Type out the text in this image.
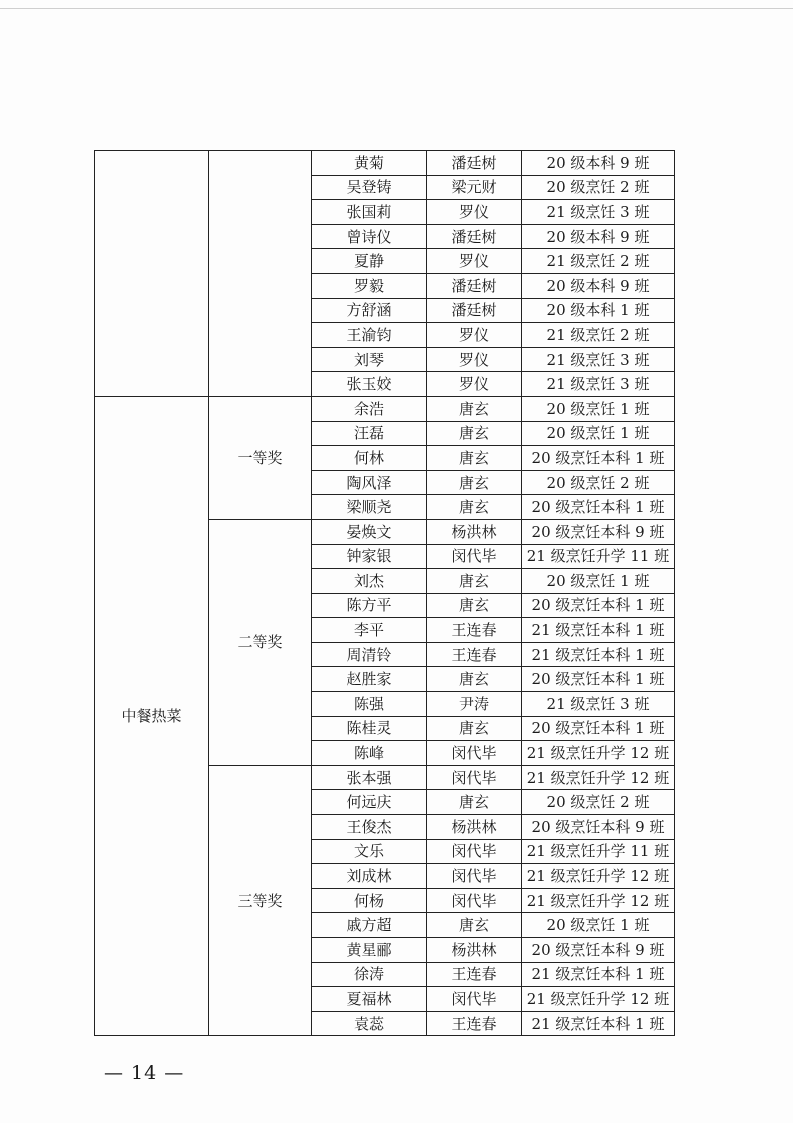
		黄菊	潘廷树	20 级本科 9 班
		吴登铸	梁元财	20 级烹饪 2 班
		张国莉	罗仪	21 级烹饪 3 班
		曾诗仪	潘廷树	20 级本科 9 班
		夏静	罗仪	21 级烹饪 2 班
		罗毅	潘廷树	20 级本科 9 班
		方舒涵	潘廷树	20 级本科 1 班
		王渝钧	罗仪	21 级烹饪 2 班
		刘琴	罗仪	21 级烹饪 3 班
		张玉姣	罗仪	21 级烹饪 3 班
中餐热菜	一等奖	余浩	唐玄	20 级烹饪 1 班
		汪磊	唐玄	20 级烹饪 1 班
		何林	唐玄	20 级烹饪本科 1 班
		陶风泽	唐玄	20 级烹饪 2 班
		梁顺尧	唐玄	20 级烹饪本科 1 班
	二等奖	晏焕文	杨洪林	20 级烹饪本科 9 班
		钟家银	闵代毕	21 级烹饪升学 11 班
		刘杰	唐玄	20 级烹饪 1 班
		陈方平	唐玄	20 级烹饪本科 1 班
		李平	王连春	21 级烹饪本科 1 班
		周清铃	王连春	21 级烹饪本科 1 班
		赵胜家	唐玄	20 级烹饪本科 1 班
		陈强	尹涛	21 级烹饪 3 班
		陈桂灵	唐玄	20 级烹饪本科 1 班
		陈峰	闵代毕	21 级烹饪升学 12 班
	三等奖	张本强	闵代毕	21 级烹饪升学 12 班
		何远庆	唐玄	20 级烹饪 2 班
		王俊杰	杨洪林	20 级烹饪本科 9 班
		文乐	闵代毕	21 级烹饪升学 11 班
		刘成林	闵代毕	21 级烹饪升学 12 班
		何杨	闵代毕	21 级烹饪升学 12 班
		戚方超	唐玄	20 级烹饪 1 班
		黄星郦	杨洪林	20 级烹饪本科 9 班
		徐涛	王连春	21 级烹饪本科 1 班
		夏福林	闵代毕	21 级烹饪升学 12 班
		袁蕊	王连春	21 级烹饪本科 1 班
— 14 —
